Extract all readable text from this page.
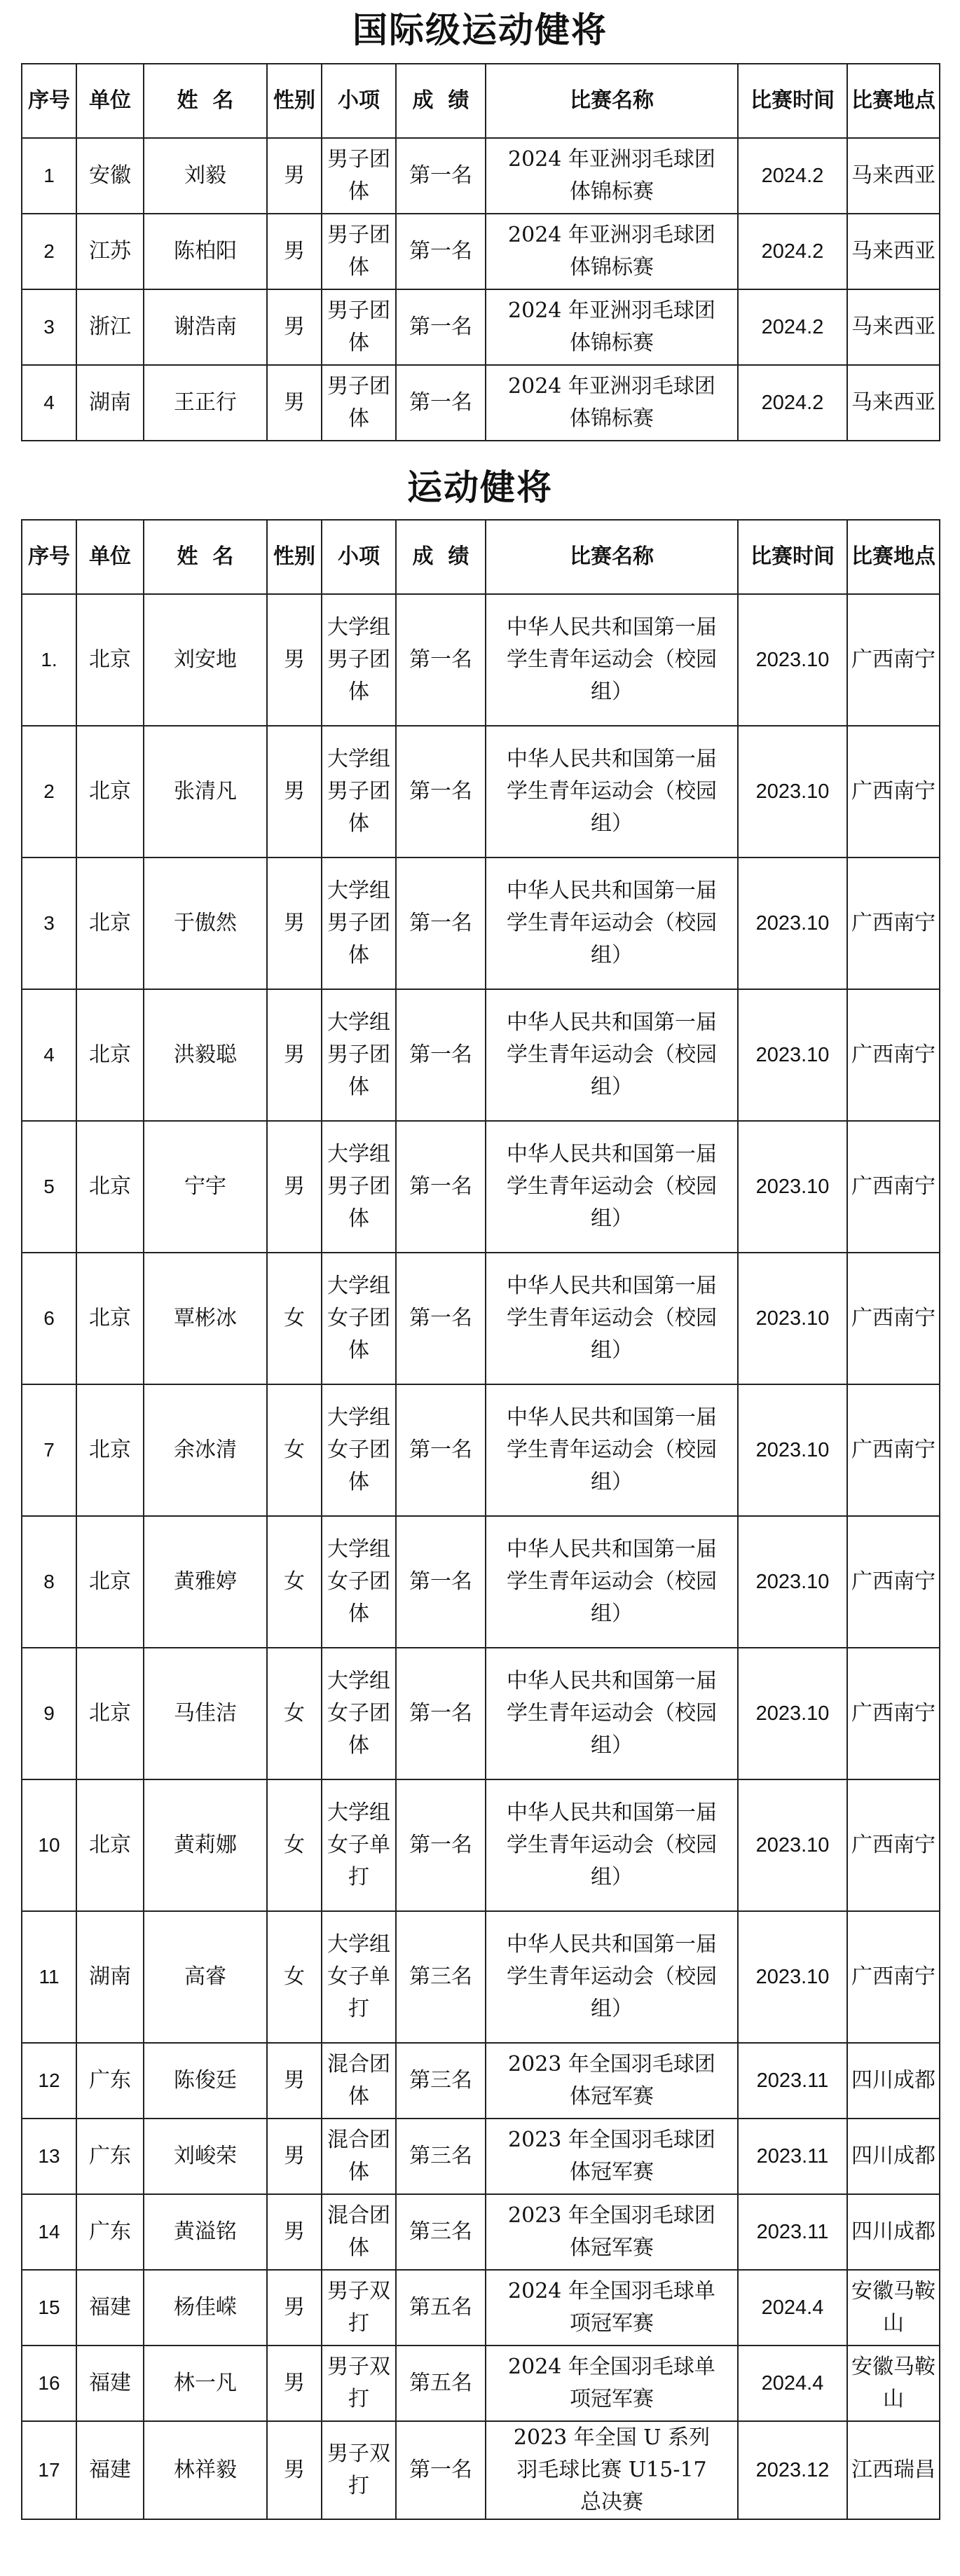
国际级运动健将
序号	单位	姓  名	性别	小项	成  绩	比赛名称	比赛时间	比赛地点
1	安徽	刘毅	男	男子团体	第一名	2024 年亚洲羽毛球团体锦标赛	2024.2	马来西亚
2	江苏	陈柏阳	男	男子团体	第一名	2024 年亚洲羽毛球团体锦标赛	2024.2	马来西亚
3	浙江	谢浩南	男	男子团体	第一名	2024 年亚洲羽毛球团体锦标赛	2024.2	马来西亚
4	湖南	王正行	男	男子团体	第一名	2024 年亚洲羽毛球团体锦标赛	2024.2	马来西亚
运动健将
序号	单位	姓  名	性别	小项	成  绩	比赛名称	比赛时间	比赛地点
1.	北京	刘安地	男	大学组男子团体	第一名	中华人民共和国第一届学生青年运动会（校园组）	2023.10	广西南宁
2	北京	张清凡	男	大学组男子团体	第一名	中华人民共和国第一届学生青年运动会（校园组）	2023.10	广西南宁
3	北京	于傲然	男	大学组男子团体	第一名	中华人民共和国第一届学生青年运动会（校园组）	2023.10	广西南宁
4	北京	洪毅聪	男	大学组男子团体	第一名	中华人民共和国第一届学生青年运动会（校园组）	2023.10	广西南宁
5	北京	宁宇	男	大学组男子团体	第一名	中华人民共和国第一届学生青年运动会（校园组）	2023.10	广西南宁
6	北京	覃彬冰	女	大学组女子团体	第一名	中华人民共和国第一届学生青年运动会（校园组）	2023.10	广西南宁
7	北京	余冰清	女	大学组女子团体	第一名	中华人民共和国第一届学生青年运动会（校园组）	2023.10	广西南宁
8	北京	黄雅婷	女	大学组女子团体	第一名	中华人民共和国第一届学生青年运动会（校园组）	2023.10	广西南宁
9	北京	马佳洁	女	大学组女子团体	第一名	中华人民共和国第一届学生青年运动会（校园组）	2023.10	广西南宁
10	北京	黄莉娜	女	大学组女子单打	第一名	中华人民共和国第一届学生青年运动会（校园组）	2023.10	广西南宁
11	湖南	高睿	女	大学组女子单打	第三名	中华人民共和国第一届学生青年运动会（校园组）	2023.10	广西南宁
12	广东	陈俊廷	男	混合团体	第三名	2023 年全国羽毛球团体冠军赛	2023.11	四川成都
13	广东	刘峻荣	男	混合团体	第三名	2023 年全国羽毛球团体冠军赛	2023.11	四川成都
14	广东	黄溢铭	男	混合团体	第三名	2023 年全国羽毛球团体冠军赛	2023.11	四川成都
15	福建	杨佳嵘	男	男子双打	第五名	2024 年全国羽毛球单项冠军赛	2024.4	安徽马鞍山
16	福建	林一凡	男	男子双打	第五名	2024 年全国羽毛球单项冠军赛	2024.4	安徽马鞍山
17	福建	林祥毅	男	男子双打	第一名	2023 年全国 U 系列羽毛球比赛 U15-17 总决赛	2023.12	江西瑞昌
